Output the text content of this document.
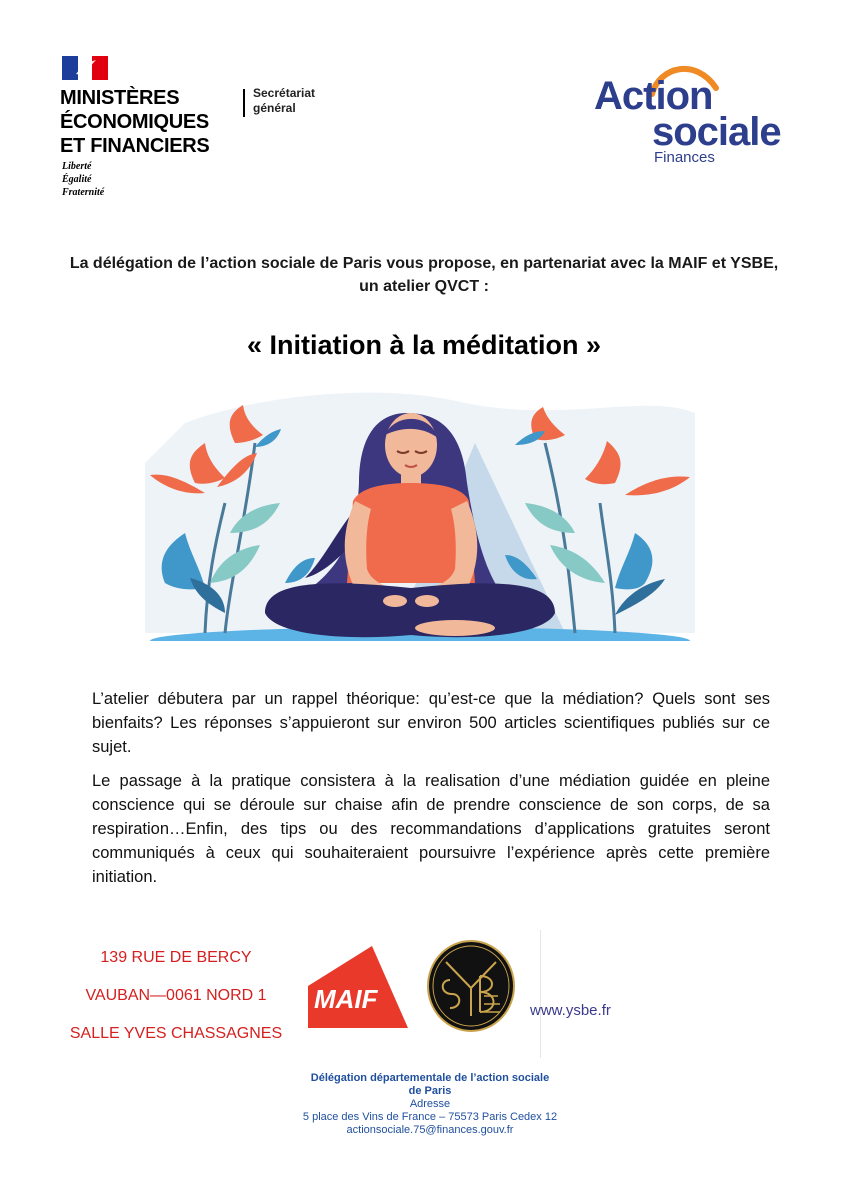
MINISTÈRES
ÉCONOMIQUES
ET FINANCIERS
Liberté
Égalité
Fraternité
Secrétariat
général	Action
sociale
Finances
La délégation de l’action sociale de Paris vous propose, en partenariat avec la MAIF et YSBE, un atelier QVCT :
« Initiation à la méditation »

L’atelier débutera par un rappel théorique: qu’est-ce que la médiation? Quels sont ses bienfaits? Les réponses s’appuieront sur environ 500 articles scientifiques publiés sur ce sujet.

Le passage à la pratique consistera à la realisation d’une médiation guidée en pleine conscience qui se déroule sur chaise afin de prendre conscience de son corps, de sa respiration…Enfin, des tips ou des recommandations d’applications gratuites seront communiqués à ceux qui souhaiteraient poursuivre l’expérience après cette première initiation.

139 RUE DE BERCY
VAUBAN—0061 NORD 1
SALLE YVES CHASSAGNES
MAIF	www.ysbe.fr
Délégation départementale de l’action sociale
de Paris
Adresse
5 place des Vins de France – 75573 Paris Cedex 12
actionsociale.75@finances.gouv.fr
